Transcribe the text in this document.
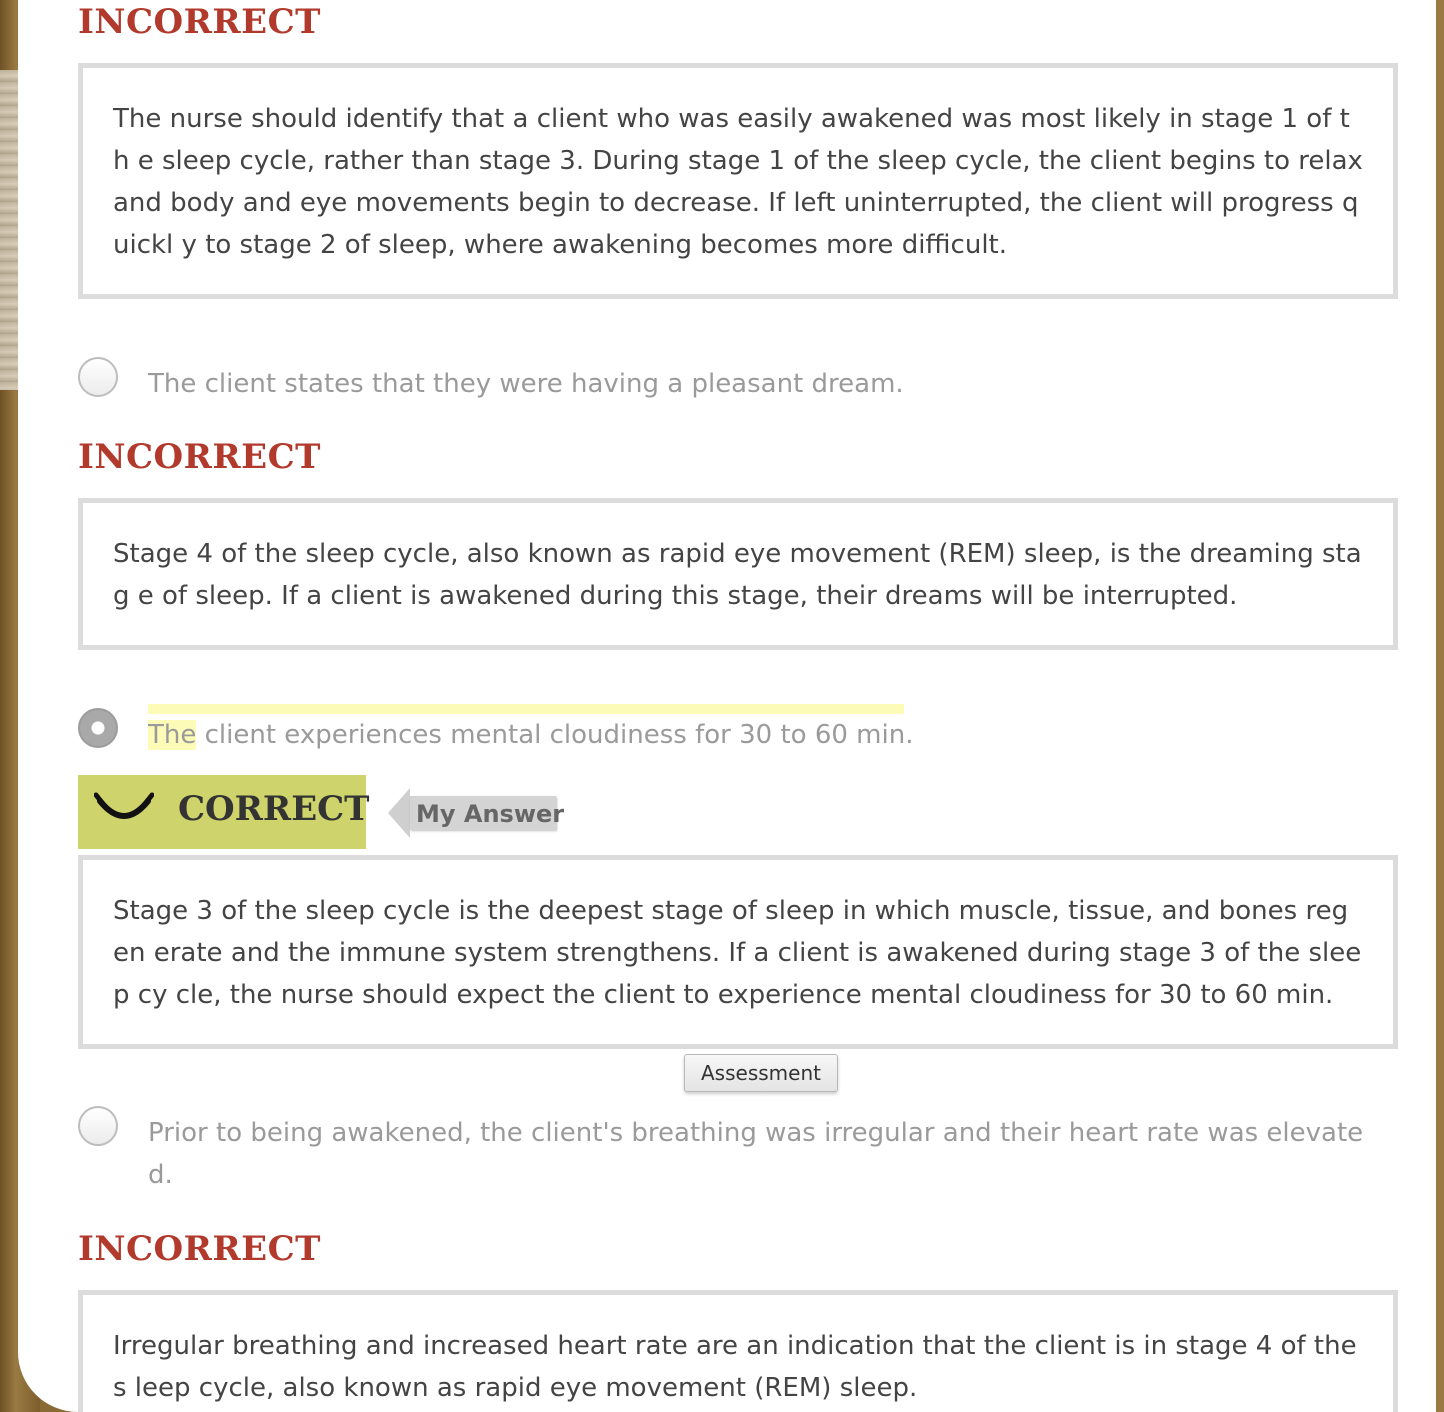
INCORRECT
The nurse should identify that a client who was easily awakened was most likely in stage 1 of th e sleep cycle, rather than stage 3. During stage 1 of the sleep cycle, the client begins to relax and body and eye movements begin to decrease. If left uninterrupted, the client will progress quickl y to stage 2 of sleep, where awakening becomes more difficult.
The client states that they were having a pleasant dream.
INCORRECT
Stage 4 of the sleep cycle, also known as rapid eye movement (REM) sleep, is the dreaming stag e of sleep. If a client is awakened during this stage, their dreams will be interrupted.
The client experiences mental cloudiness for 30 to 60 min.
CORRECT My Answer
Stage 3 of the sleep cycle is the deepest stage of sleep in which muscle, tissue, and bones regen erate and the immune system strengthens. If a client is awakened during stage 3 of the sleep cy cle, the nurse should expect the client to experience mental cloudiness for 30 to 60 min.
Assessment
Prior to being awakened, the client's breathing was irregular and their heart rate was elevate d.
INCORRECT
Irregular breathing and increased heart rate are an indication that the client is in stage 4 of the s leep cycle, also known as rapid eye movement (REM) sleep.
